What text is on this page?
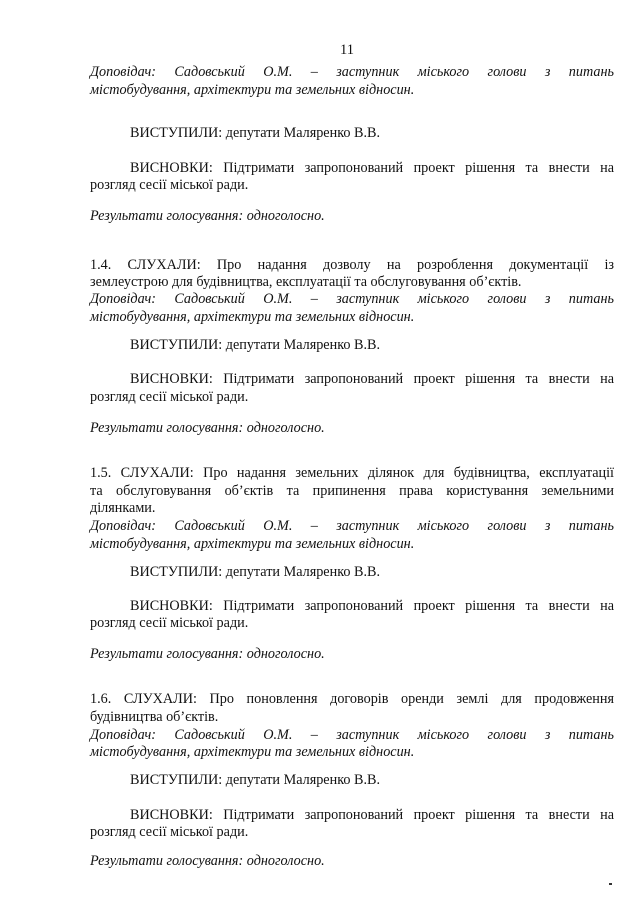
11
Доповідач: Садовський О.М. – заступник міського голови з питань
містобудування, архітектури та земельних відносин.
ВИСТУПИЛИ: депутати Маляренко В.В.
ВИСНОВКИ: Підтримати запропонований проект рішення та внести на
розгляд сесії міської ради.
Результати голосування: одноголосно.
1.4. СЛУХАЛИ: Про надання дозволу на розроблення документації із
землеустрою для будівництва, експлуатації та обслуговування об’єктів.
Доповідач: Садовський О.М. – заступник міського голови з питань
містобудування, архітектури та земельних відносин.
ВИСТУПИЛИ: депутати Маляренко В.В.
ВИСНОВКИ: Підтримати запропонований проект рішення та внести на
розгляд сесії міської ради.
Результати голосування: одноголосно.
1.5. СЛУХАЛИ: Про надання земельних ділянок для будівництва, експлуатації
та обслуговування об’єктів та припинення права користування земельними
ділянками.
Доповідач: Садовський О.М. – заступник міського голови з питань
містобудування, архітектури та земельних відносин.
ВИСТУПИЛИ: депутати Маляренко В.В.
ВИСНОВКИ: Підтримати запропонований проект рішення та внести на
розгляд сесії міської ради.
Результати голосування: одноголосно.
1.6. СЛУХАЛИ: Про поновлення договорів оренди землі для продовження
будівництва об’єктів.
Доповідач: Садовський О.М. – заступник міського голови з питань
містобудування, архітектури та земельних відносин.
ВИСТУПИЛИ: депутати Маляренко В.В.
ВИСНОВКИ: Підтримати запропонований проект рішення та внести на
розгляд сесії міської ради.
Результати голосування: одноголосно.
